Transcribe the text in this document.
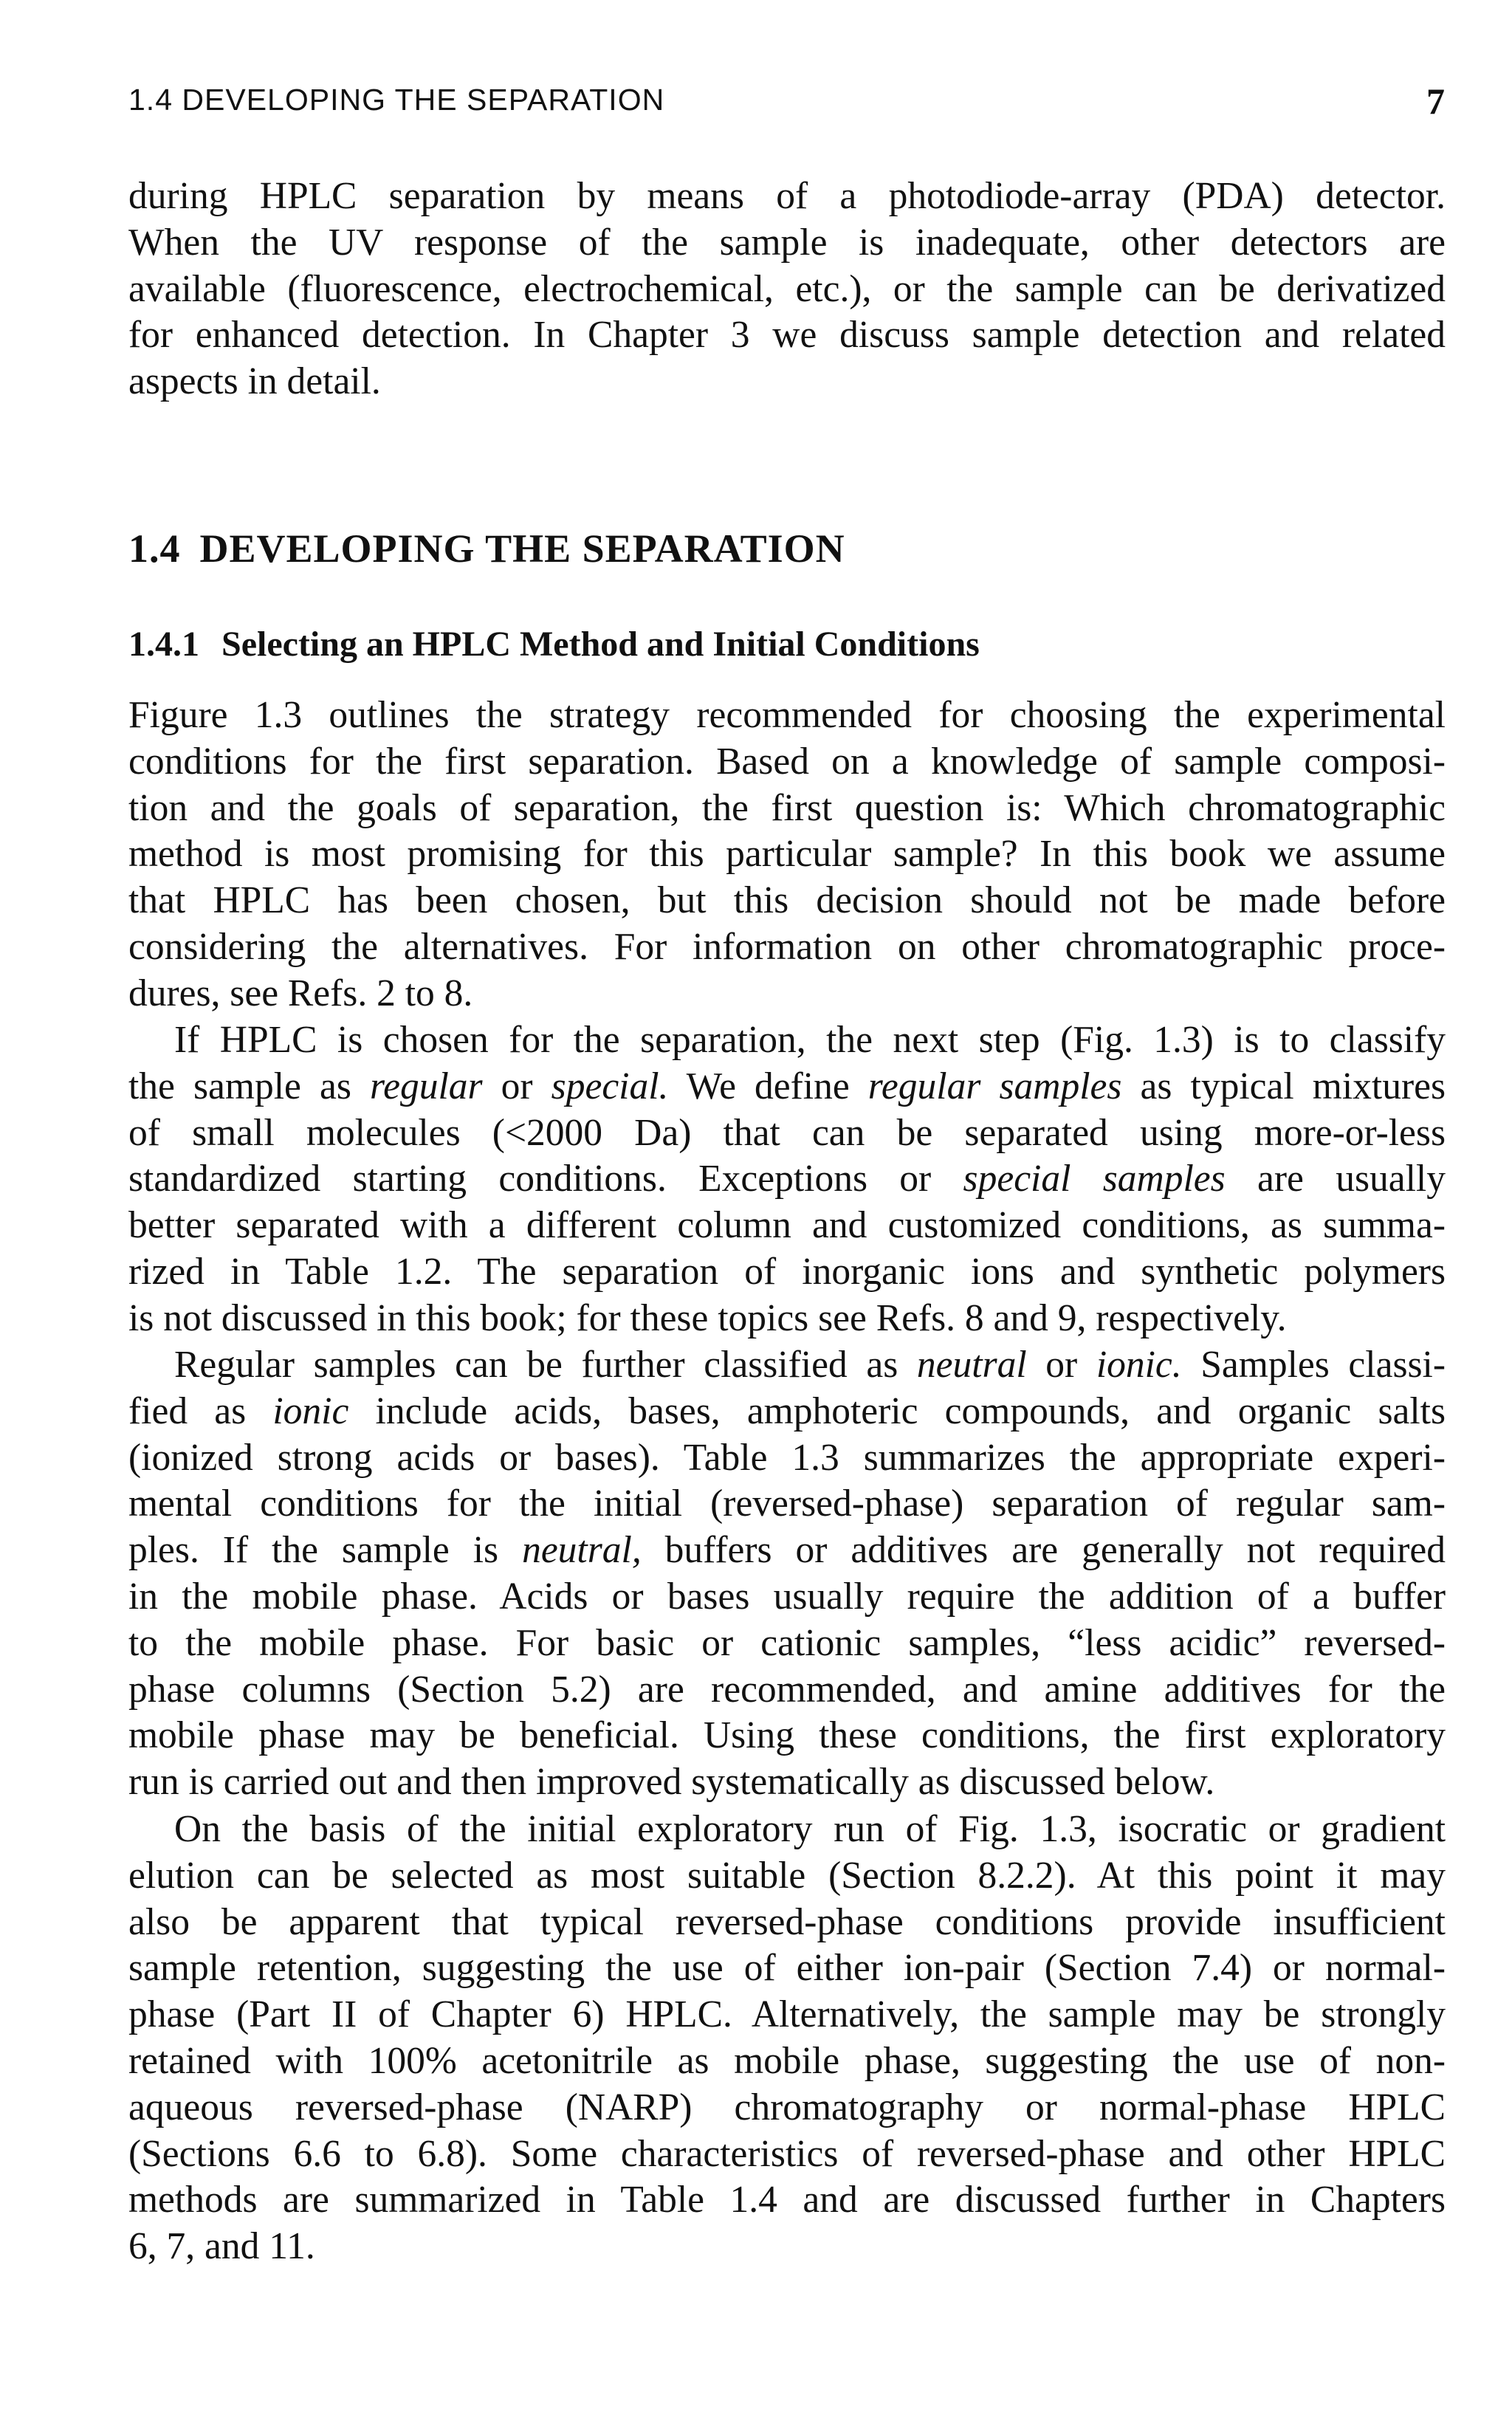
1.4 DEVELOPING THE SEPARATION	7

during HPLC separation by means of a photodiode-array (PDA) detector.
When the UV response of the sample is inadequate, other detectors are
available (fluorescence, electrochemical, etc.), or the sample can be derivatized
for enhanced detection. In Chapter 3 we discuss sample detection and related
aspects in detail.

1.4 DEVELOPING THE SEPARATION
1.4.1 Selecting an HPLC Method and Initial Conditions

Figure 1.3 outlines the strategy recommended for choosing the experimental
conditions for the first separation. Based on a knowledge of sample composi-
tion and the goals of separation, the first question is: Which chromatographic
method is most promising for this particular sample? In this book we assume
that HPLC has been chosen, but this decision should not be made before
considering the alternatives. For information on other chromatographic proce-
dures, see Refs. 2 to 8.

If HPLC is chosen for the separation, the next step (Fig. 1.3) is to classify
the sample as regular or special. We define regular samples as typical mixtures
of small molecules (<2000 Da) that can be separated using more-or-less
standardized starting conditions. Exceptions or special samples are usually
better separated with a different column and customized conditions, as summa-
rized in Table 1.2. The separation of inorganic ions and synthetic polymers
is not discussed in this book; for these topics see Refs. 8 and 9, respectively.

Regular samples can be further classified as neutral or ionic. Samples classi-
fied as ionic include acids, bases, amphoteric compounds, and organic salts
(ionized strong acids or bases). Table 1.3 summarizes the appropriate experi-
mental conditions for the initial (reversed-phase) separation of regular sam-
ples. If the sample is neutral, buffers or additives are generally not required
in the mobile phase. Acids or bases usually require the addition of a buffer
to the mobile phase. For basic or cationic samples, “less acidic” reversed-
phase columns (Section 5.2) are recommended, and amine additives for the
mobile phase may be beneficial. Using these conditions, the first exploratory
run is carried out and then improved systematically as discussed below.

On the basis of the initial exploratory run of Fig. 1.3, isocratic or gradient
elution can be selected as most suitable (Section 8.2.2). At this point it may
also be apparent that typical reversed-phase conditions provide insufficient
sample retention, suggesting the use of either ion-pair (Section 7.4) or normal-
phase (Part II of Chapter 6) HPLC. Alternatively, the sample may be strongly
retained with 100% acetonitrile as mobile phase, suggesting the use of non-
aqueous reversed-phase (NARP) chromatography or normal-phase HPLC
(Sections 6.6 to 6.8). Some characteristics of reversed-phase and other HPLC
methods are summarized in Table 1.4 and are discussed further in Chapters
6, 7, and 11.
